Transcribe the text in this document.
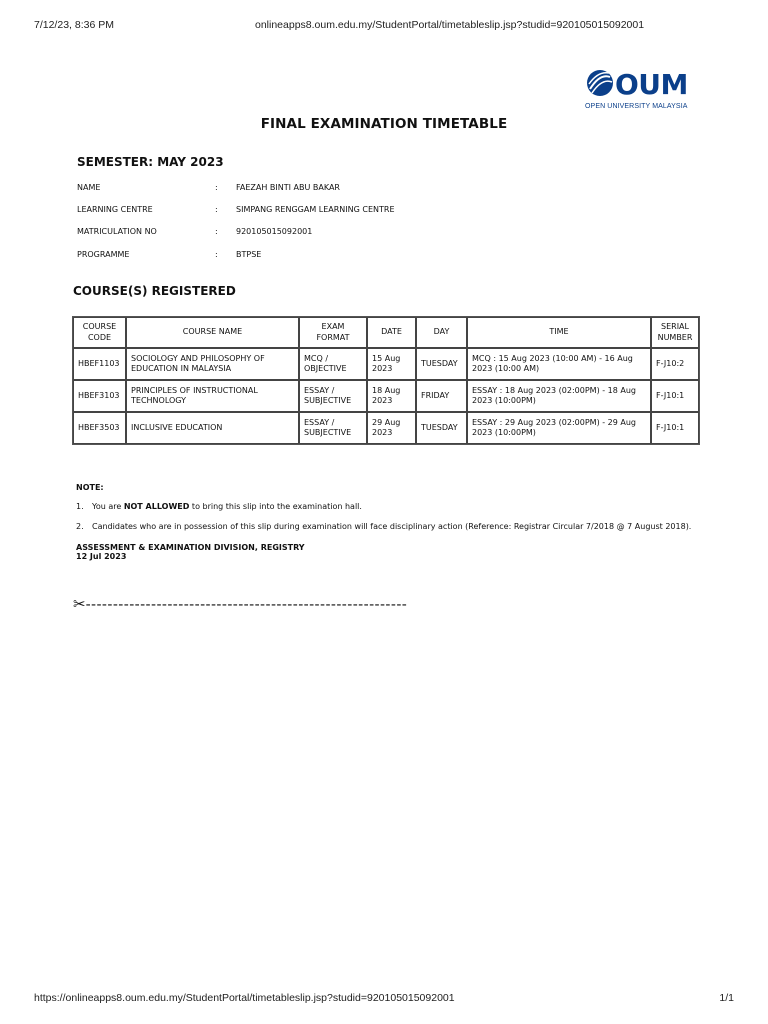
7/12/23, 8:36 PM	onlineapps8.oum.edu.my/StudentPortal/timetableslip.jsp?studid=920105015092001
OUM
OPEN UNIVERSITY MALAYSIA
FINAL EXAMINATION TIMETABLE
SEMESTER: MAY 2023
NAME	: FAEZAH BINTI ABU BAKAR
LEARNING CENTRE	: SIMPANG RENGGAM LEARNING CENTRE
MATRICULATION NO	: 920105015092001
PROGRAMME	: BTPSE
COURSE(S) REGISTERED
COURSE CODE	COURSE NAME	EXAM FORMAT	DATE	DAY	TIME	SERIAL NUMBER
HBEF1103	SOCIOLOGY AND PHILOSOPHY OF EDUCATION IN MALAYSIA	MCQ / OBJECTIVE	15 Aug 2023	TUESDAY	MCQ : 15 Aug 2023 (10:00 AM) - 16 Aug 2023 (10:00 AM)	F-J10:2
HBEF3103	PRINCIPLES OF INSTRUCTIONAL TECHNOLOGY	ESSAY / SUBJECTIVE	18 Aug 2023	FRIDAY	ESSAY : 18 Aug 2023 (02:00PM) - 18 Aug 2023 (10:00PM)	F-J10:1
HBEF3503	INCLUSIVE EDUCATION	ESSAY / SUBJECTIVE	29 Aug 2023	TUESDAY	ESSAY : 29 Aug 2023 (02:00PM) - 29 Aug 2023 (10:00PM)	F-J10:1
NOTE:
1. You are NOT ALLOWED to bring this slip into the examination hall.
2. Candidates who are in possession of this slip during examination will face disciplinary action (Reference: Registrar Circular 7/2018 @ 7 August 2018).
ASSESSMENT & EXAMINATION DIVISION, REGISTRY
12 Jul 2023
✂-----------------------------------------------------------
https://onlineapps8.oum.edu.my/StudentPortal/timetableslip.jsp?studid=920105015092001	1/1
